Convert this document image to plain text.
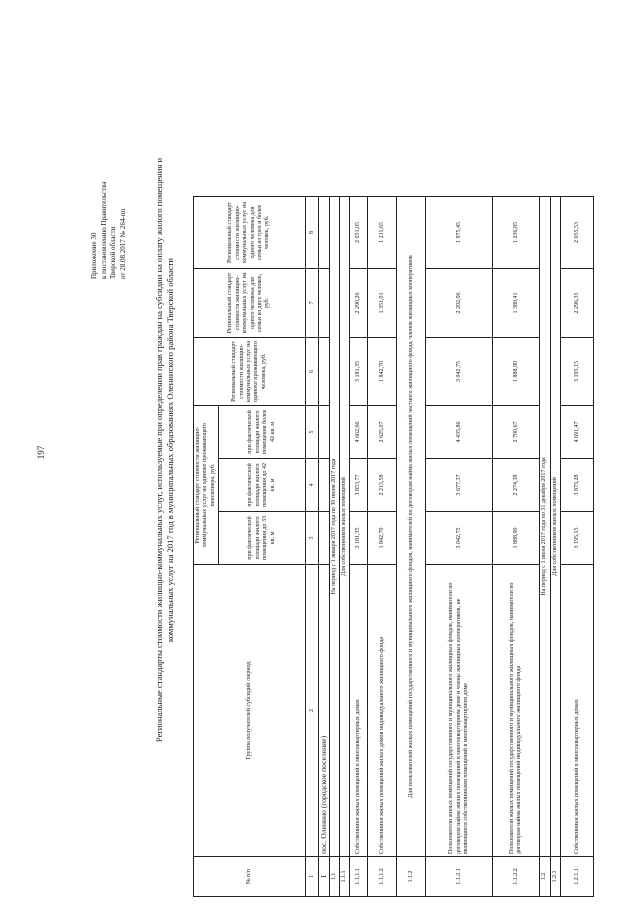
197
Приложение 30 к постановлению Правительства Тверской области от 28.08.2017 № 264-пп	Региональные стандарты стоимости жилищно-коммунальных услуг, используемые при определении прав граждан на субсидии на оплату жилого помещения и коммунальных услуг на 2017 год в муниципальных образованиях Оленинского района Тверской области
№ п/п	Группа получателей субсидий /период	Региональный стандарт стоимости жилищно-коммунальных услуг на одиноко проживающего пенсионера, руб.			Региональный стандарт стоимости жилищно-коммунальных услуг на одиноко проживающего человека, руб.	Региональный стандарт стоимости жилищно-коммунальных услуг на одного человека для семьи из двух человек, руб.	Региональный стандарт стоимости жилищно-коммунальных услуг на одного человека для семьи из трех и более человек, руб.
		при фактической площади жилого помещения до 33 кв. м	при фактической площади жилого помещения до 42 кв. м	при фактической площади жилого помещения более 42 кв. м			
1	2	3	4	5	6	7	8
1	пос. Оленино (городское поселение)						
1.1	На период с 1 января 2017 года по 30 июня 2017 года						
1.1.1	Для собственников жилых помещений						
1.1.1.1	Собственники жилых помещений в многоквартирных домах	3 181,35	3 853,77	4 662,66	3 181,35	2 290,26	2 051,05
1.1.1.2	Собственники жилых помещений жилых домов индивидуального жилищного фонда	1 842,70	2 215,58	2 625,07	1 842,70	1 351,01	1 211,65
1.1.2	Для пользователей жилых помещений государственного и муниципального жилищного фондов, нанимателей по договорам найма жилых помещений частного жилищного фонда, членов жилищных кооперативов						
1.1.2.1	Пользователи жилых помещений государственного и муниципального жилищных фондов, наниматели по договорам найма жилых помещений в многоквартирном доме и члены жилищных кооперативов, не являющиеся собственниками помещений в многоквартирном доме	3 042,75	3 677,37	4 435,86	3 042,75	2 202,06	1 975,45
1.1.2.2	Пользователи жилых помещений государственного и муниципального жилищных фондов, наниматели по договорам найма жилых помещений индивидуального жилищного фонда	1 888,90	2 274,38	2 700,67	1 888,90	1 380,41	1 236,85
1.2	На период с 1 июля 2017 года по 31 декабря 2017 года						
1.2.1	Для собственников жилых помещений						
1.2.1.1	Собственники жилых помещений в многоквартирных домах	3 195,15	3 873,28	4 691,47	3 195,15	2 296,35	2 055,53
